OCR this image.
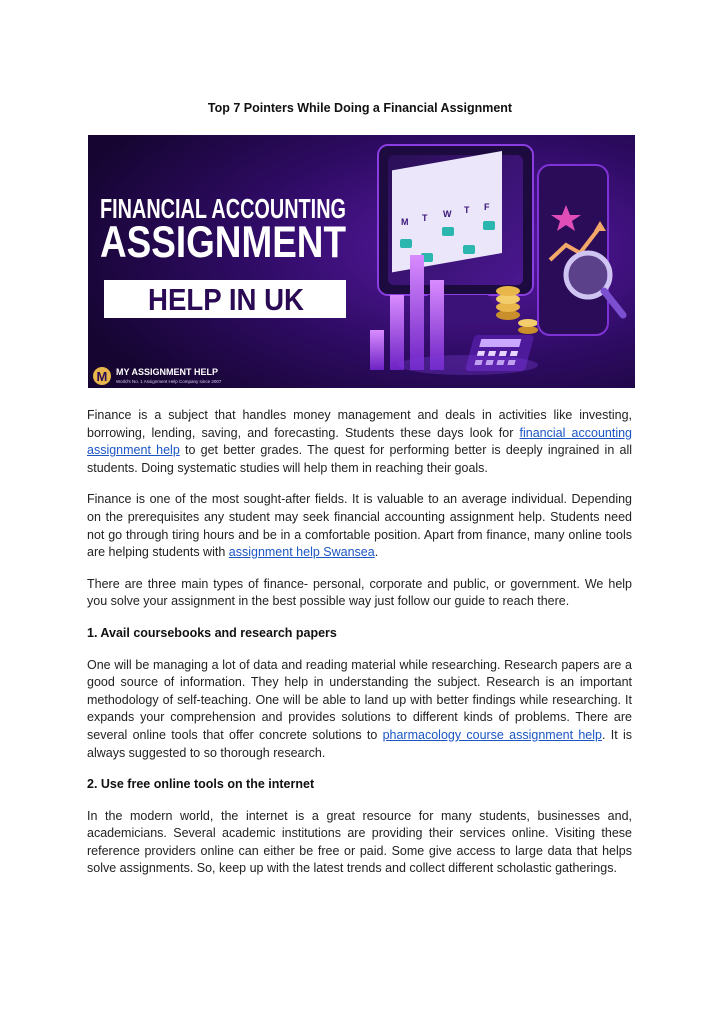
Top 7 Pointers While Doing a Financial Assignment
FINANCIAL ACCOUNTING
ASSIGNMENT
HELP IN UK
M MY ASSIGNMENT HELP
World's No. 1 Assignment Help Company since 2007
M T W T F

Finance is a subject that handles money management and deals in activities like investing, borrowing, lending, saving, and forecasting. Students these days look for financial accounting assignment help to get better grades. The quest for performing better is deeply ingrained in all students. Doing systematic studies will help them in reaching their goals.

Finance is one of the most sought-after fields. It is valuable to an average individual. Depending on the prerequisites any student may seek financial accounting assignment help. Students need not go through tiring hours and be in a comfortable position. Apart from finance, many online tools are helping students with assignment help Swansea.

There are three main types of finance- personal, corporate and public, or government. We help you solve your assignment in the best possible way just follow our guide to reach there.

1. Avail coursebooks and research papers

One will be managing a lot of data and reading material while researching. Research papers are a good source of information. They help in understanding the subject. Research is an important methodology of self-teaching. One will be able to land up with better findings while researching. It expands your comprehension and provides solutions to different kinds of problems. There are several online tools that offer concrete solutions to pharmacology course assignment help. It is always suggested to so thorough research.

2. Use free online tools on the internet

In the modern world, the internet is a great resource for many students, businesses and, academicians. Several academic institutions are providing their services online. Visiting these reference providers online can either be free or paid. Some give access to large data that helps solve assignments. So, keep up with the latest trends and collect different scholastic gatherings.
